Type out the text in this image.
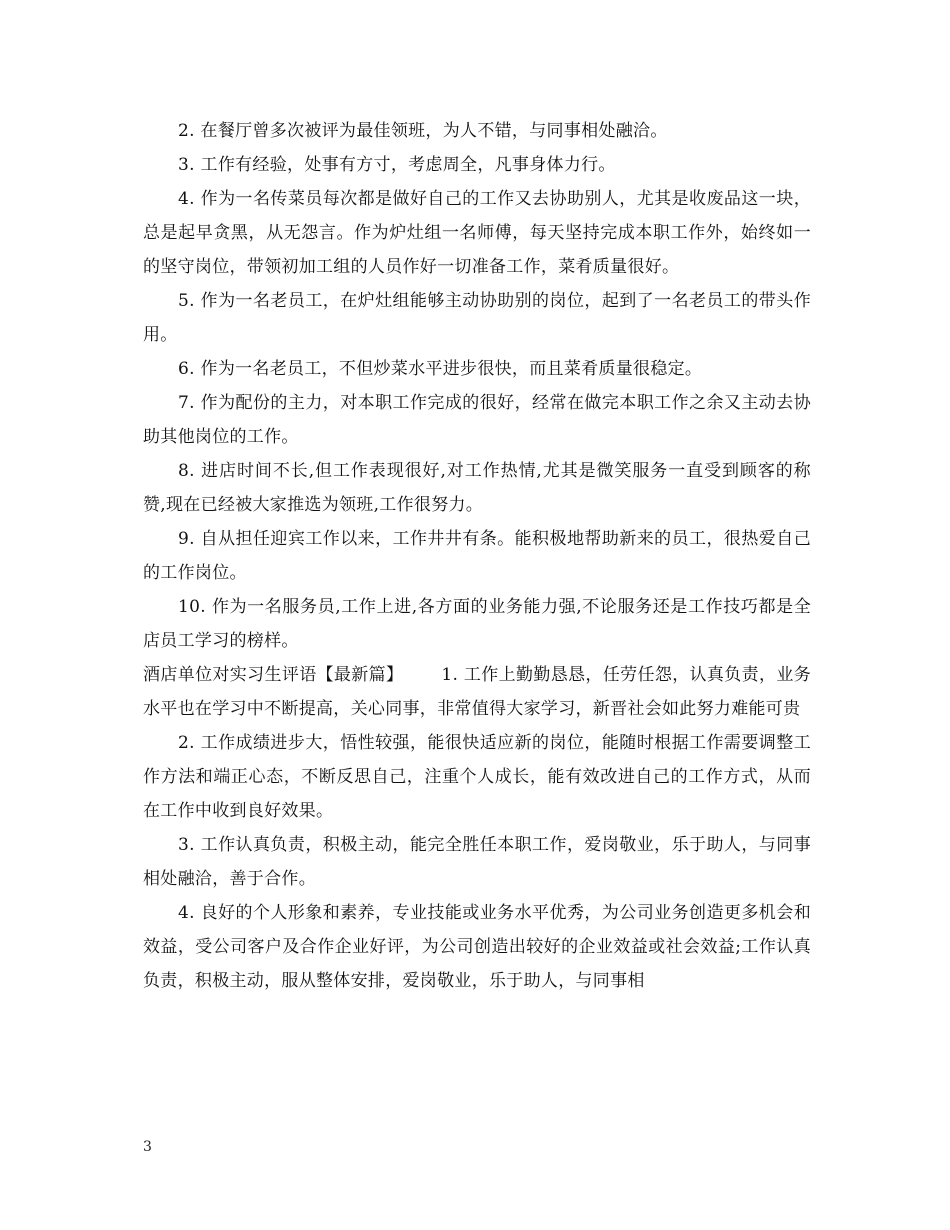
2. 在餐厅曾多次被评为最佳领班，为人不错，与同事相处融洽。

3. 工作有经验，处事有方寸，考虑周全，凡事身体力行。

4. 作为一名传菜员每次都是做好自己的工作又去协助别人，尤其是收废品这一块，总是起早贪黑，从无怨言。作为炉灶组一名师傅，每天坚持完成本职工作外，始终如一的坚守岗位，带领初加工组的人员作好一切准备工作，菜肴质量很好。

5. 作为一名老员工，在炉灶组能够主动协助别的岗位，起到了一名老员工的带头作用。

6. 作为一名老员工，不但炒菜水平进步很快，而且菜肴质量很稳定。

7. 作为配份的主力，对本职工作完成的很好，经常在做完本职工作之余又主动去协助其他岗位的工作。

8. 进店时间不长,但工作表现很好,对工作热情,尤其是微笑服务一直受到顾客的称赞,现在已经被大家推选为领班,工作很努力。

9. 自从担任迎宾工作以来，工作井井有条。能积极地帮助新来的员工，很热爱自己的工作岗位。

10. 作为一名服务员,工作上进,各方面的业务能力强,不论服务还是工作技巧都是全店员工学习的榜样。

酒店单位对实习生评语【最新篇】 1. 工作上勤勤恳恳，任劳任怨，认真负责，业务水平也在学习中不断提高，关心同事，非常值得大家学习，新晋社会如此努力难能可贵

2. 工作成绩进步大，悟性较强，能很快适应新的岗位，能随时根据工作需要调整工作方法和端正心态，不断反思自己，注重个人成长，能有效改进自己的工作方式，从而在工作中收到良好效果。

3. 工作认真负责，积极主动，能完全胜任本职工作，爱岗敬业，乐于助人，与同事相处融洽，善于合作。

4. 良好的个人形象和素养，专业技能或业务水平优秀，为公司业务创造更多机会和效益，受公司客户及合作企业好评，为公司创造出较好的企业效益或社会效益;工作认真负责，积极主动，服从整体安排，爱岗敬业，乐于助人，与同事相

3
